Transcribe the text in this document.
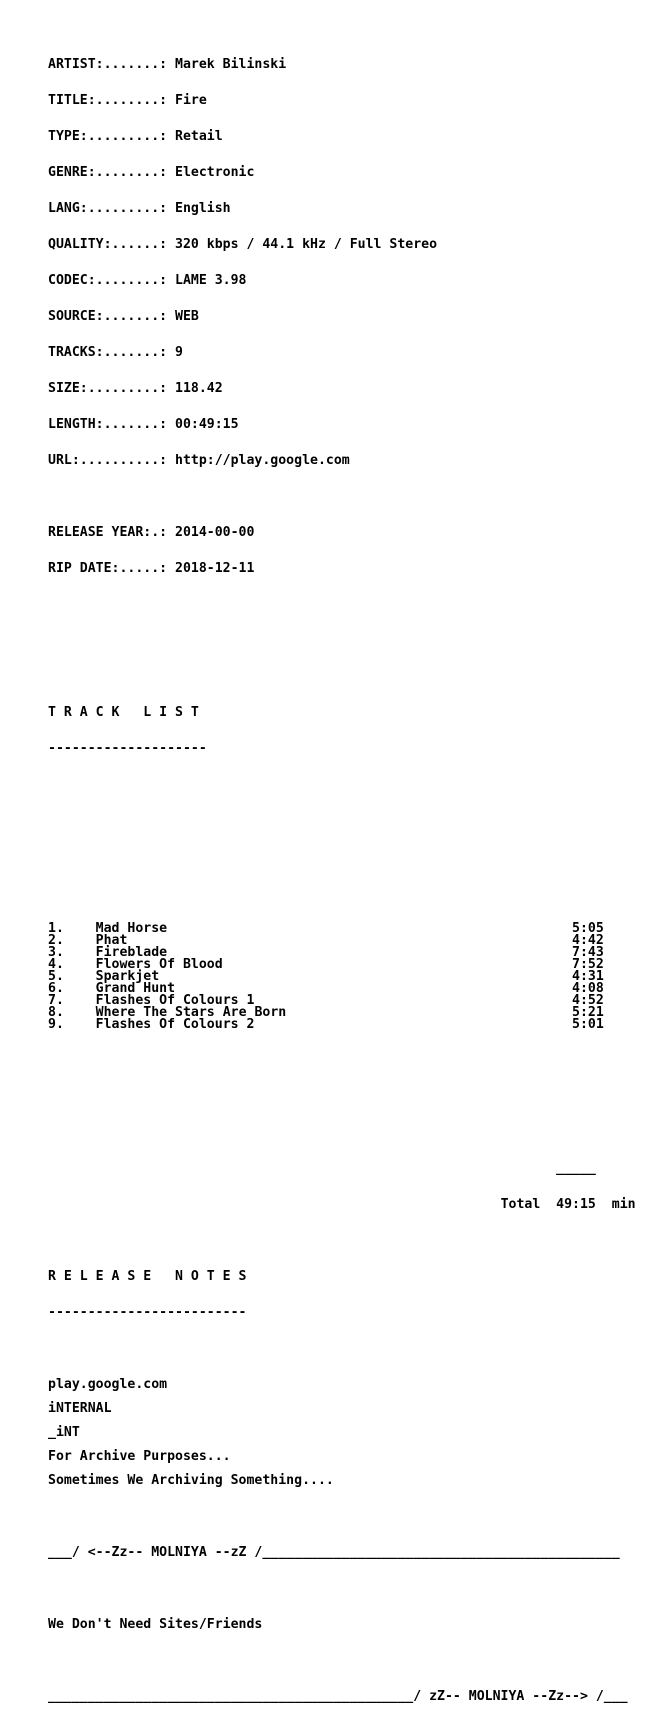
ARTIST:.......: Marek Bilinski

TITLE:........: Fire

TYPE:.........: Retail

GENRE:........: Electronic

LANG:.........: English

QUALITY:......: 320 kbps / 44.1 kHz / Full Stereo

CODEC:........: LAME 3.98

SOURCE:.......: WEB

TRACKS:.......: 9

SIZE:.........: 118.42

LENGTH:.......: 00:49:15

URL:..........: http://play.google.com

RELEASE YEAR:.: 2014-00-00

RIP DATE:.....: 2018-12-11

T R A C K   L I S T

--------------------

1. Mad Horse	5:05
2. Phat	4:42
3. Fireblade	7:43
4. Flowers Of Blood	7:52
5. Sparkjet	4:31
6. Grand Hunt	4:08
7. Flashes Of Colours 1	4:52
8. Where The Stars Are Born	5:21
9. Flashes Of Colours 2	5:01

_____

Total 49:15 min

R E L E A S E   N O T E S

-------------------------

play.google.com
iNTERNAL
_iNT
For Archive Purposes...
Sometimes We Archiving Something....

___/ <--Zz-- MOLNIYA --zZ /_____________________________________________

We Don't Need Sites/Friends

______________________________________________/ zZ-- MOLNIYA --Zz--> /___
